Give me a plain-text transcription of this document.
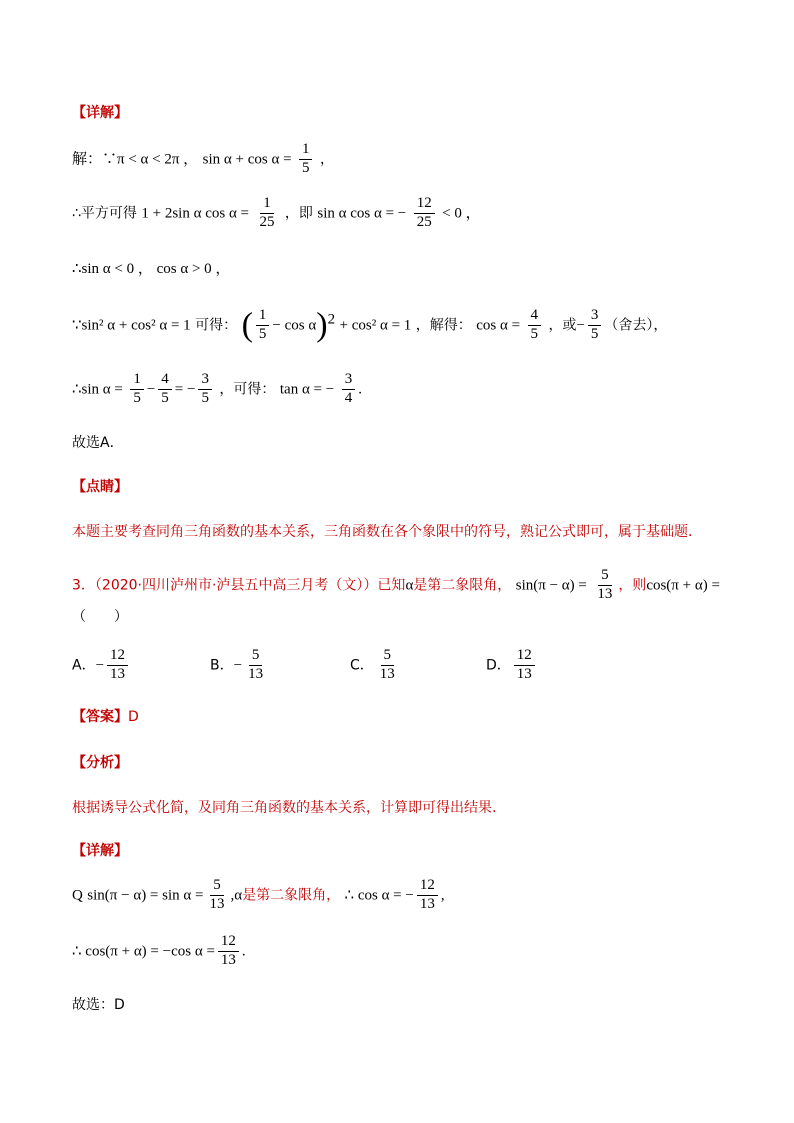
【详解】
解：∵π < α < 2π ， $\sin \alpha + \cos \alpha = \frac{1}{5}$ ，
∴平方可得 1 + 2sin α $\cos \alpha = \frac{1}{25}$ ，即 sin α cos α = − $\frac{12}{25} < 0$ ，
∴sin α < 0 ， cos α > 0 ，
∵sin² α + cos² α = 1 可得： ( $\frac{1}{5} - \cos \alpha)^2 + \cos^2$ α = 1 ，解得： $\cos \alpha = \frac{4}{5}$ ，或− $\frac{3}{5}$ （舍去），
∴sin $\alpha = \frac{1}{5} - \frac{4}{5}$ = − $\frac{3}{5}$ ，可得： tan α = − $\frac{3}{4}$ .
故选A．
【点睛】
本题主要考查同角三角函数的基本关系，三角函数在各个象限中的符号，熟记公式即可，属于基础题．
3．（2020·四川泸州市·泸县五中高三月考（文））已知α是第二象限角， $\sin(\pi - \alpha) = \frac{5}{13}$ ，则cos(π + α) =
（　　）
A．− $\frac{12}{13}$	B．− $\frac{5}{13}$	C． $\frac{5}{13}$	D． $\frac{12}{13}$
【答案】D
【分析】
根据诱导公式化简，及同角三角函数的基本关系，计算即可得出结果.
【详解】
Q $\sin(\pi - \alpha) = \sin \alpha = \frac{5}{13} ,\alpha$是第二象限角， ∴ cos α = − $\frac{12}{13}$ ,
∴ cos(π + α) = −cos $\alpha = \frac{12}{13}$ .
故选：D
